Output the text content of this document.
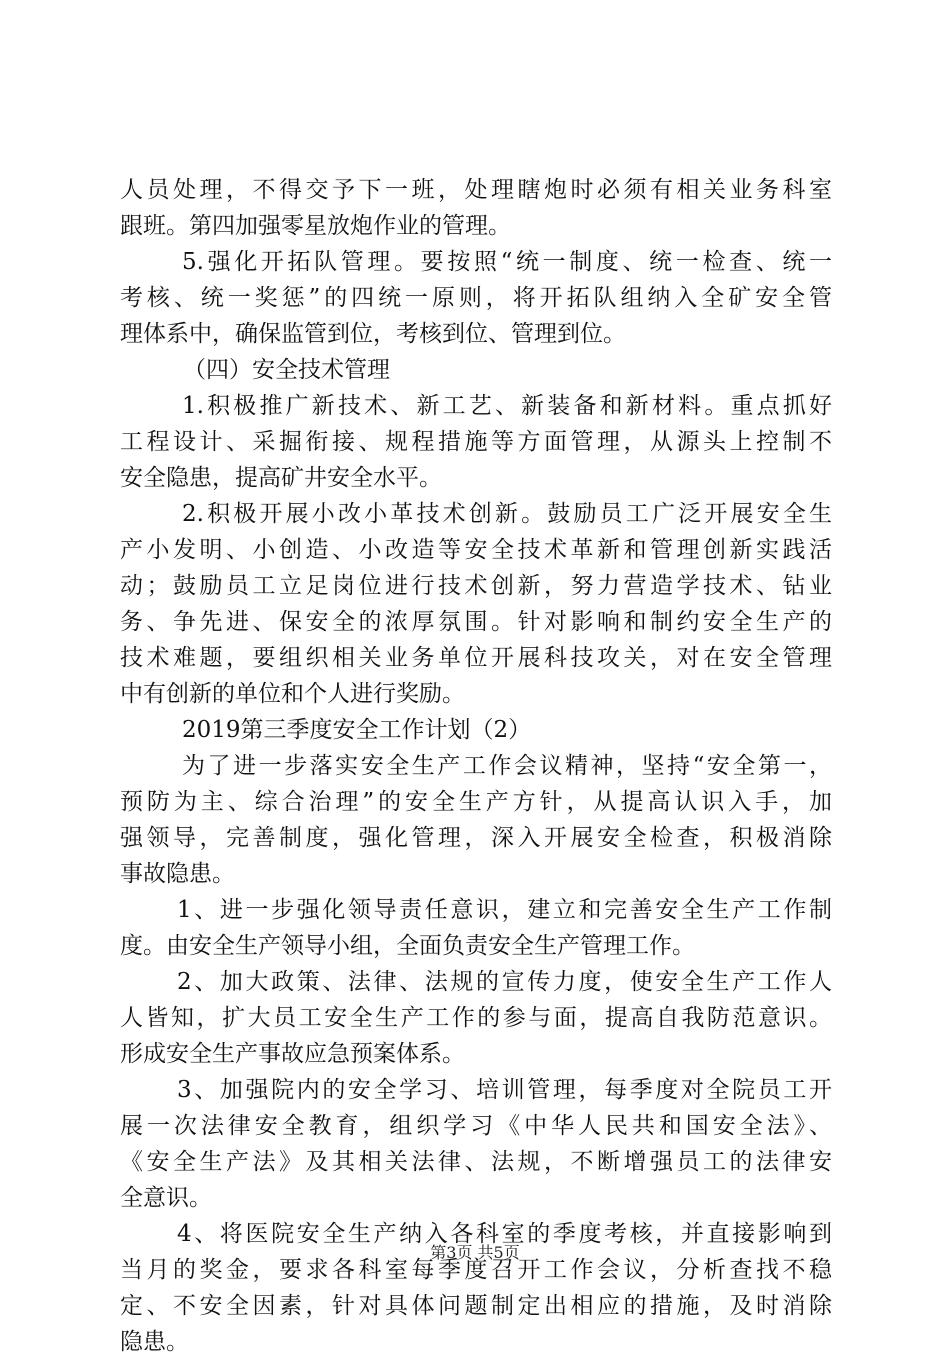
人员处理，不得交予下一班，处理瞎炮时必须有相关业务科室
跟班。第四加强零星放炮作业的管理。
5.强化开拓队管理。要按照“统一制度、统一检查、统一
考核、统一奖惩”的四统一原则，将开拓队组纳入全矿安全管
理体系中，确保监管到位，考核到位、管理到位。
（四）安全技术管理
1.积极推广新技术、新工艺、新装备和新材料。重点抓好
工程设计、采掘衔接、规程措施等方面管理，从源头上控制不
安全隐患，提高矿井安全水平。
2.积极开展小改小革技术创新。鼓励员工广泛开展安全生
产小发明、小创造、小改造等安全技术革新和管理创新实践活
动；鼓励员工立足岗位进行技术创新，努力营造学技术、钻业
务、争先进、保安全的浓厚氛围。针对影响和制约安全生产的
技术难题，要组织相关业务单位开展科技攻关，对在安全管理
中有创新的单位和个人进行奖励。
2019第三季度安全工作计划（2）
为了进一步落实安全生产工作会议精神，坚持“安全第一，
预防为主、综合治理”的安全生产方针，从提高认识入手，加
强领导，完善制度，强化管理，深入开展安全检查，积极消除
事故隐患。
1、进一步强化领导责任意识，建立和完善安全生产工作制
度。由安全生产领导小组，全面负责安全生产管理工作。
2、加大政策、法律、法规的宣传力度，使安全生产工作人
人皆知，扩大员工安全生产工作的参与面，提高自我防范意识。
形成安全生产事故应急预案体系。
3、加强院内的安全学习、培训管理，每季度对全院员工开
展一次法律安全教育，组织学习《中华人民共和国安全法》、
《安全生产法》及其相关法律、法规，不断增强员工的法律安
全意识。
4、将医院安全生产纳入各科室的季度考核，并直接影响到
当月的奖金，要求各科室每季度召开工作会议，分析查找不稳
定、不安全因素，针对具体问题制定出相应的措施，及时消除
隐患。
第3页 共5页
